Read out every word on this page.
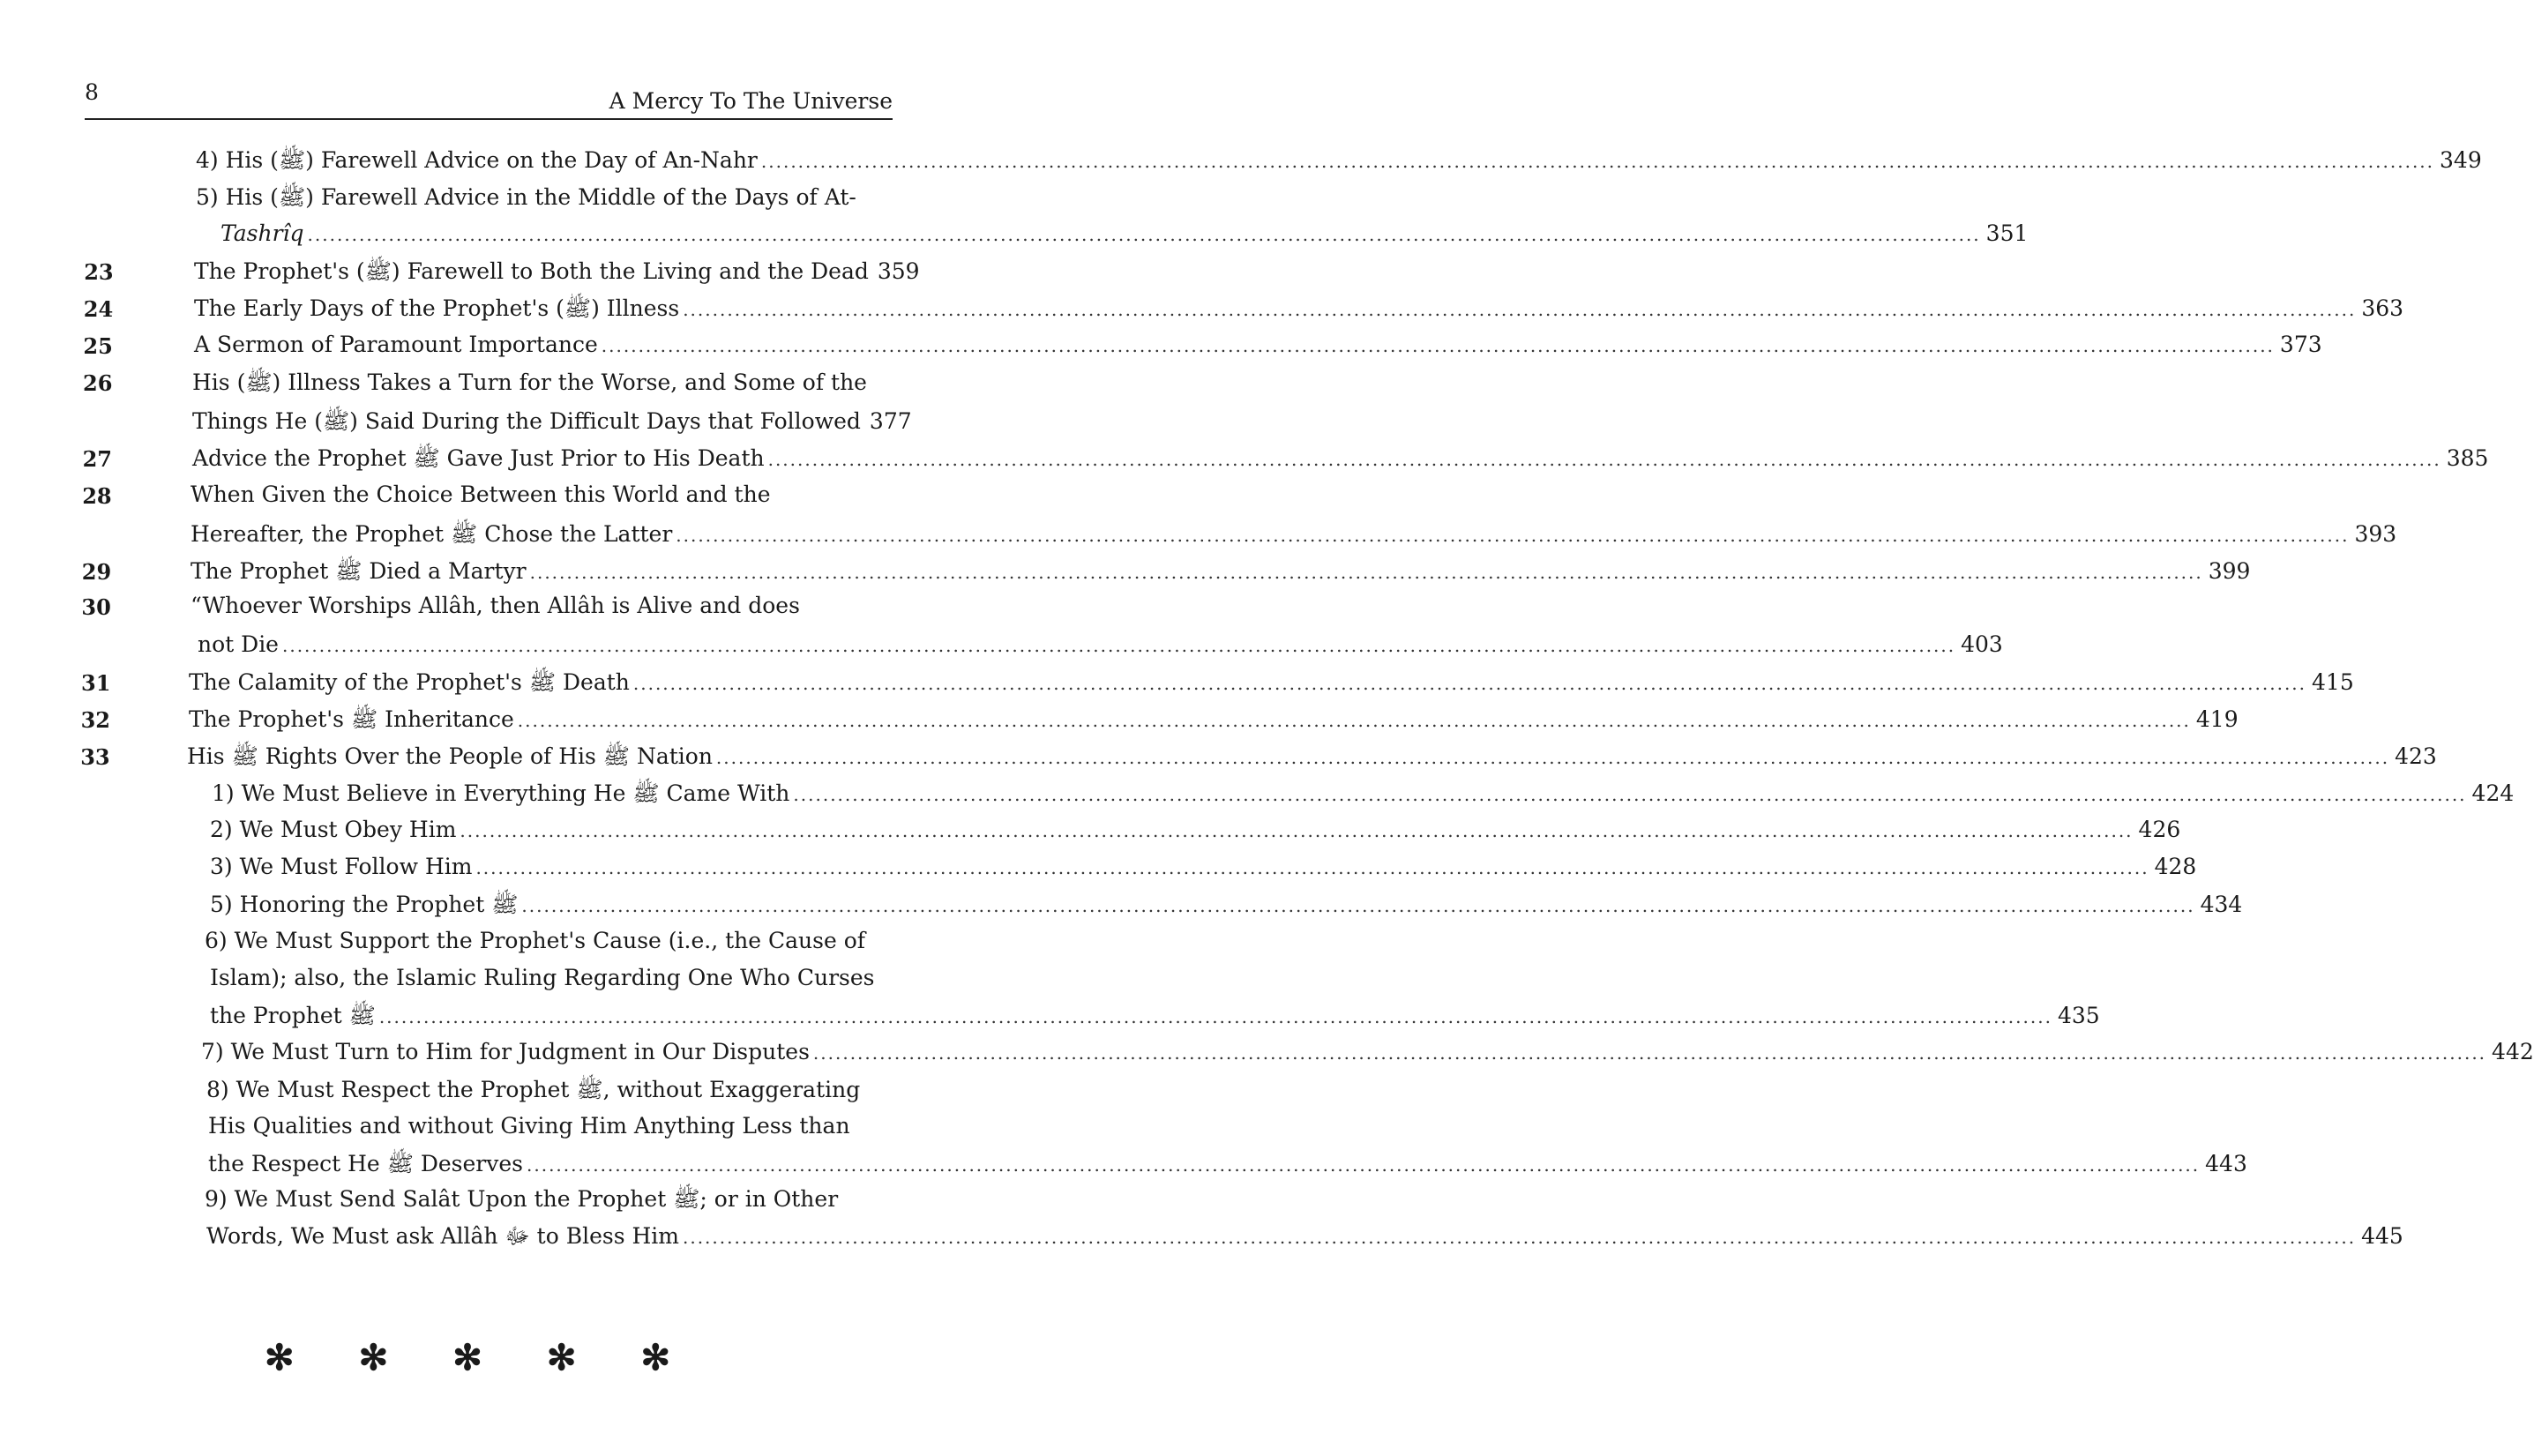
8	A Mercy To The Universe
4) His (ﷺ) Farewell Advice on the Day of An-Nahr .....	349
5) His (ﷺ) Farewell Advice in the Middle of the Days of At-
Tashrîq .....	351
23	The Prophet's (ﷺ) Farewell to Both the Living and the Dead 359
24	The Early Days of the Prophet's (ﷺ) Illness .....	363
25	A Sermon of Paramount Importance .....	373
26	His (ﷺ) Illness Takes a Turn for the Worse, and Some of the
Things He (ﷺ) Said During the Difficult Days that Followed 377
27	Advice the Prophet ﷺ Gave Just Prior to His Death .....	385
28	When Given the Choice Between this World and the
Hereafter, the Prophet ﷺ Chose the Latter .....	393
29	The Prophet ﷺ Died a Martyr .....	399
30	“Whoever Worships Allâh, then Allâh is Alive and does
not Die .....	403
31	The Calamity of the Prophet's ﷺ Death .....	415
32	The Prophet's ﷺ Inheritance .....	419
33	His ﷺ Rights Over the People of His ﷺ Nation .....	423
1) We Must Believe in Everything He ﷺ Came With .....	424
2) We Must Obey Him .....	426
3) We Must Follow Him .....	428
5) Honoring the Prophet ﷺ .....	434
6) We Must Support the Prophet's Cause (i.e., the Cause of
Islam); also, the Islamic Ruling Regarding One Who Curses
the Prophet ﷺ .....	435
7) We Must Turn to Him for Judgment in Our Disputes .....	442
8) We Must Respect the Prophet ﷺ, without Exaggerating
His Qualities and without Giving Him Anything Less than
the Respect He ﷺ Deserves .....	443
9) We Must Send Salât Upon the Prophet ﷺ; or in Other
Words, We Must ask Allâh ﷻ to Bless Him .....	445
✻ ✻ ✻ ✻ ✻
